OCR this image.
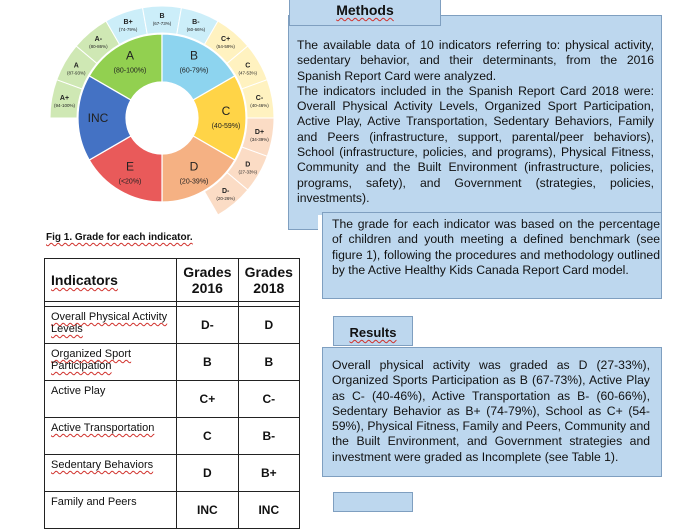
A
(80-100%)
B
(60-79%)
C
(40-59%)
D
(20-39%)
E
(<20%)
INC
A+
(94-100%)
A
(87-93%)
A-
(80-86%)
B+
(74-79%)
B
(67-73%)	B-
(60-66%)
C+
(54-59%)
C
(47-53%)
C-
(40-46%)
D+
(34-39%)
D
(27-33%)
D-
(20-26%)
Fig 1. Grade for each indicator.
Indicators	Grades 2016	Grades 2018

Overall Physical Activity Levels	D-	D
Organized Sport Participation	B	B
Active Play	C+	C-
Active Transportation	C	B-
Sedentary Behaviors	D	B+
Family and Peers	INC	INC
Methods

The available data of 10 indicators referring to: physical activity, sedentary behavior, and their determinants, from the 2016 Spanish Report Card were analyzed.

The indicators included in the Spanish Report Card 2018 were: Overall Physical Activity Levels, Organized Sport Participation, Active Play, Active Transportation, Sedentary Behaviors, Family and Peers (infrastructure, support, parental/peer behaviors), School (infrastructure, policies, and programs), Physical Fitness, Community and the Built Environment (infrastructure, policies, programs, safety), and Government (strategies, policies, investments).

The grade for each indicator was based on the percentage of children and youth meeting a defined benchmark (see figure 1), following the procedures and methodology outlined by the Active Healthy Kids Canada Report Card model.
Results
Overall physical activity was graded as D (27-33%), Organized Sports Participation as B (67-73%), Active Play as C- (40-46%), Active Transportation as B- (60-66%), Sedentary Behavior as B+ (74-79%), School as C+ (54-59%), Physical Fitness, Family and Peers, Community and the Built Environment, and Government strategies and investment were graded as Incomplete (see Table 1).
